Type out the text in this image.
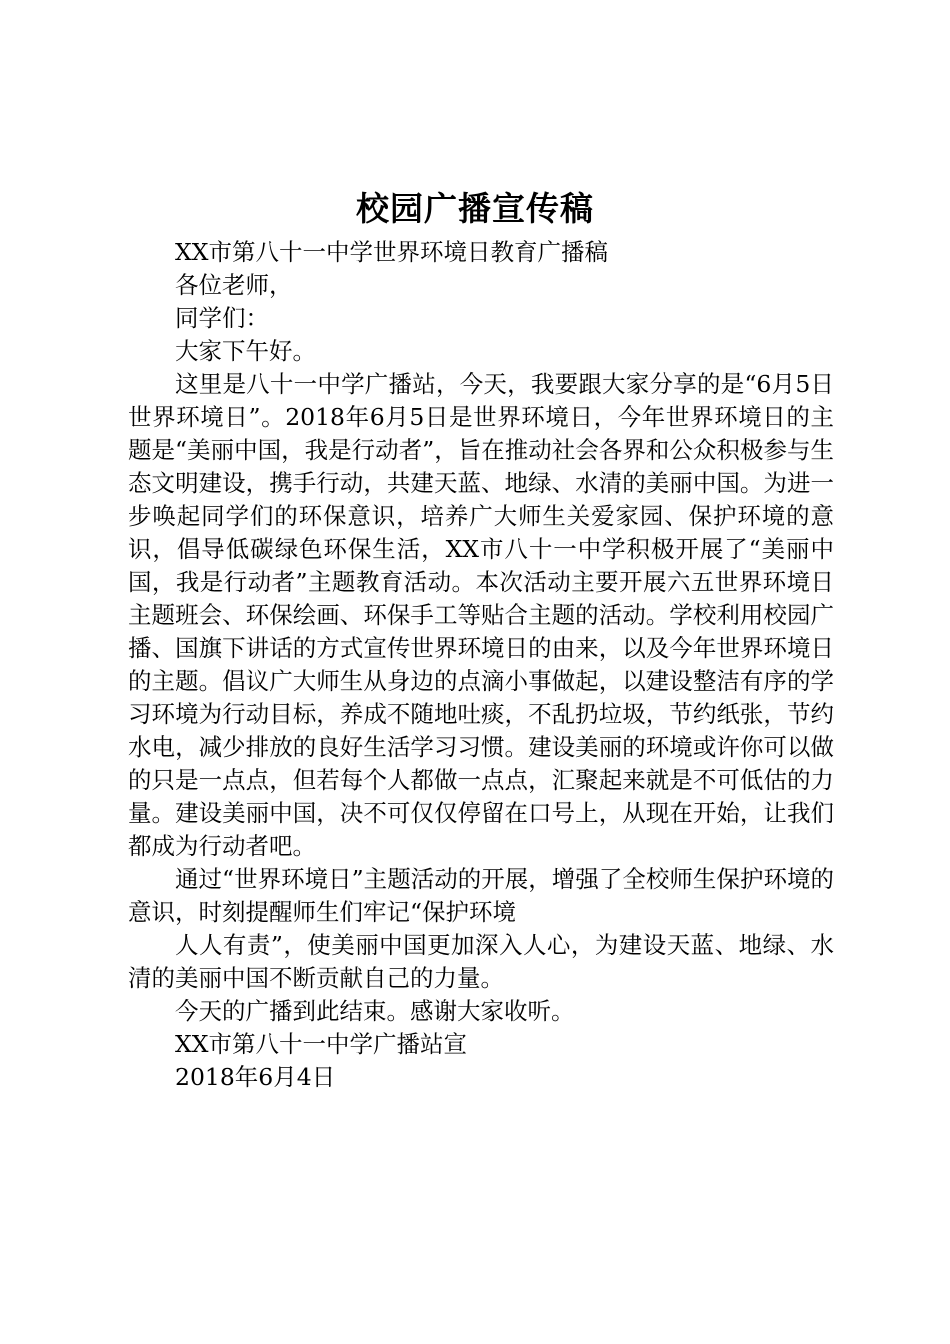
校园广播宣传稿

XX市第八十一中学世界环境日教育广播稿

各位老师，

同学们：

大家下午好。

这里是八十一中学广播站，今天，我要跟大家分享的是“6月5日世界环境日”。2018年6月5日是世界环境日，今年世界环境日的主题是“美丽中国，我是行动者”，旨在推动社会各界和公众积极参与生态文明建设，携手行动，共建天蓝、地绿、水清的美丽中国。为进一步唤起同学们的环保意识，培养广大师生关爱家园、保护环境的意识，倡导低碳绿色环保生活，XX市八十一中学积极开展了“美丽中国，我是行动者”主题教育活动。本次活动主要开展六五世界环境日主题班会、环保绘画、环保手工等贴合主题的活动。学校利用校园广播、国旗下讲话的方式宣传世界环境日的由来，以及今年世界环境日的主题。倡议广大师生从身边的点滴小事做起，以建设整洁有序的学习环境为行动目标，养成不随地吐痰，不乱扔垃圾，节约纸张，节约水电，减少排放的良好生活学习习惯。建设美丽的环境或许你可以做的只是一点点，但若每个人都做一点点，汇聚起来就是不可低估的力量。建设美丽中国，决不可仅仅停留在口号上，从现在开始，让我们都成为行动者吧。

通过“世界环境日”主题活动的开展，增强了全校师生保护环境的意识，时刻提醒师生们牢记“保护环境

人人有责”，使美丽中国更加深入人心，为建设天蓝、地绿、水清的美丽中国不断贡献自己的力量。

今天的广播到此结束。感谢大家收听。

XX市第八十一中学广播站宣

2018年6月4日
